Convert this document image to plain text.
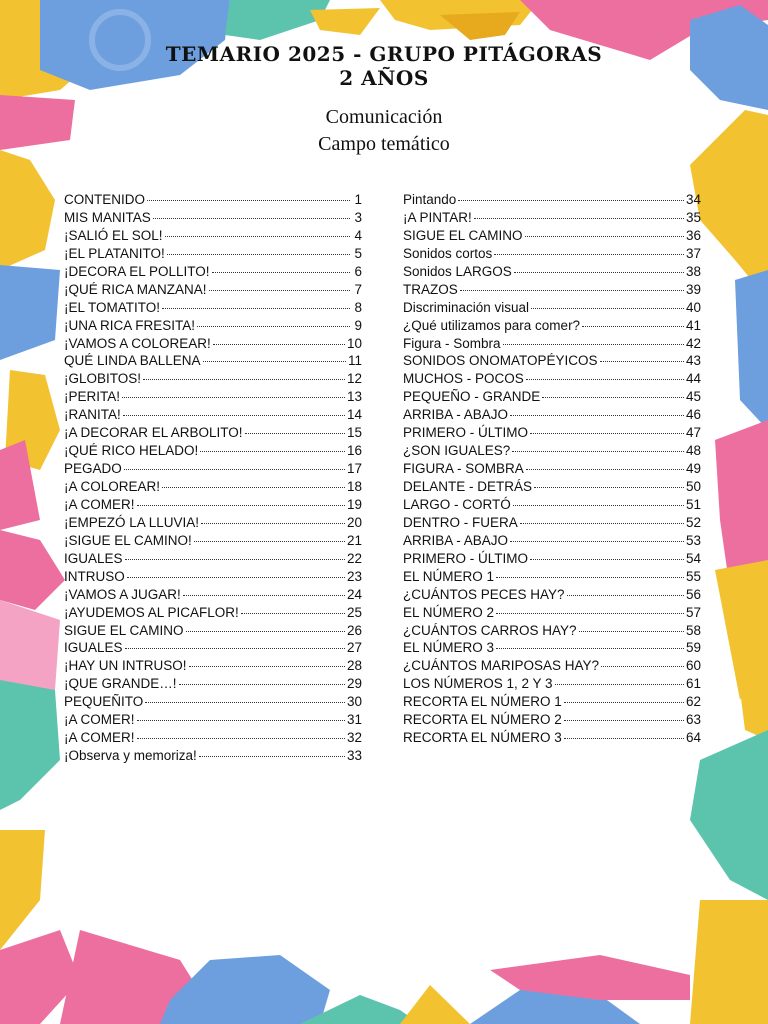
TEMARIO 2025 - GRUPO PITÁGORAS
2 AÑOS
Comunicación
Campo temático
CONTENIDO	1
MIS MANITAS	3
¡SALIÓ EL SOL!	4
¡EL PLATANITO!	5
¡DECORA EL POLLITO!	6
¡QUÉ RICA MANZANA!	7
¡EL TOMATITO!	8
¡UNA RICA FRESITA!	9
¡VAMOS A COLOREAR!	10
QUÉ LINDA BALLENA	11
¡GLOBITOS!	12
¡PERITA!	13
¡RANITA!	14
¡A DECORAR EL ARBOLITO!	15
¡QUÉ RICO HELADO!	16
PEGADO	17
¡A COLOREAR!	18
¡A COMER!	19
¡EMPEZÓ LA LLUVIA!	20
¡SIGUE EL CAMINO!	21
IGUALES	22
INTRUSO	23
¡VAMOS A JUGAR!	24
¡AYUDEMOS AL PICAFLOR!	25
SIGUE EL CAMINO	26
IGUALES	27
¡HAY UN INTRUSO!	28
¡QUE GRANDE…!	29
PEQUEÑITO	30
¡A COMER!	31
¡A COMER!	32
¡Observa y memoriza!	33
Pintando	34
¡A PINTAR!	35
SIGUE EL CAMINO	36
Sonidos cortos	37
Sonidos LARGOS	38
TRAZOS	39
Discriminación visual	40
¿Qué utilizamos para comer?	41
Figura - Sombra	42
SONIDOS ONOMATOPÉYICOS	43
MUCHOS - POCOS	44
PEQUEÑO - GRANDE	45
ARRIBA - ABAJO	46
PRIMERO - ÚLTIMO	47
¿SON IGUALES?	48
FIGURA - SOMBRA	49
DELANTE - DETRÁS	50
LARGO - CORTÓ	51
DENTRO - FUERA	52
ARRIBA - ABAJO	53
PRIMERO - ÚLTIMO	54
EL NÚMERO 1	55
¿CUÁNTOS PECES HAY?	56
EL NÚMERO 2	57
¿CUÁNTOS CARROS HAY?	58
EL NÚMERO 3	59
¿CUÁNTOS MARIPOSAS HAY?	60
LOS NÚMEROS 1, 2 Y 3	61
RECORTA EL NÚMERO 1	62
RECORTA EL NÚMERO 2	63
RECORTA EL NÚMERO 3	64
